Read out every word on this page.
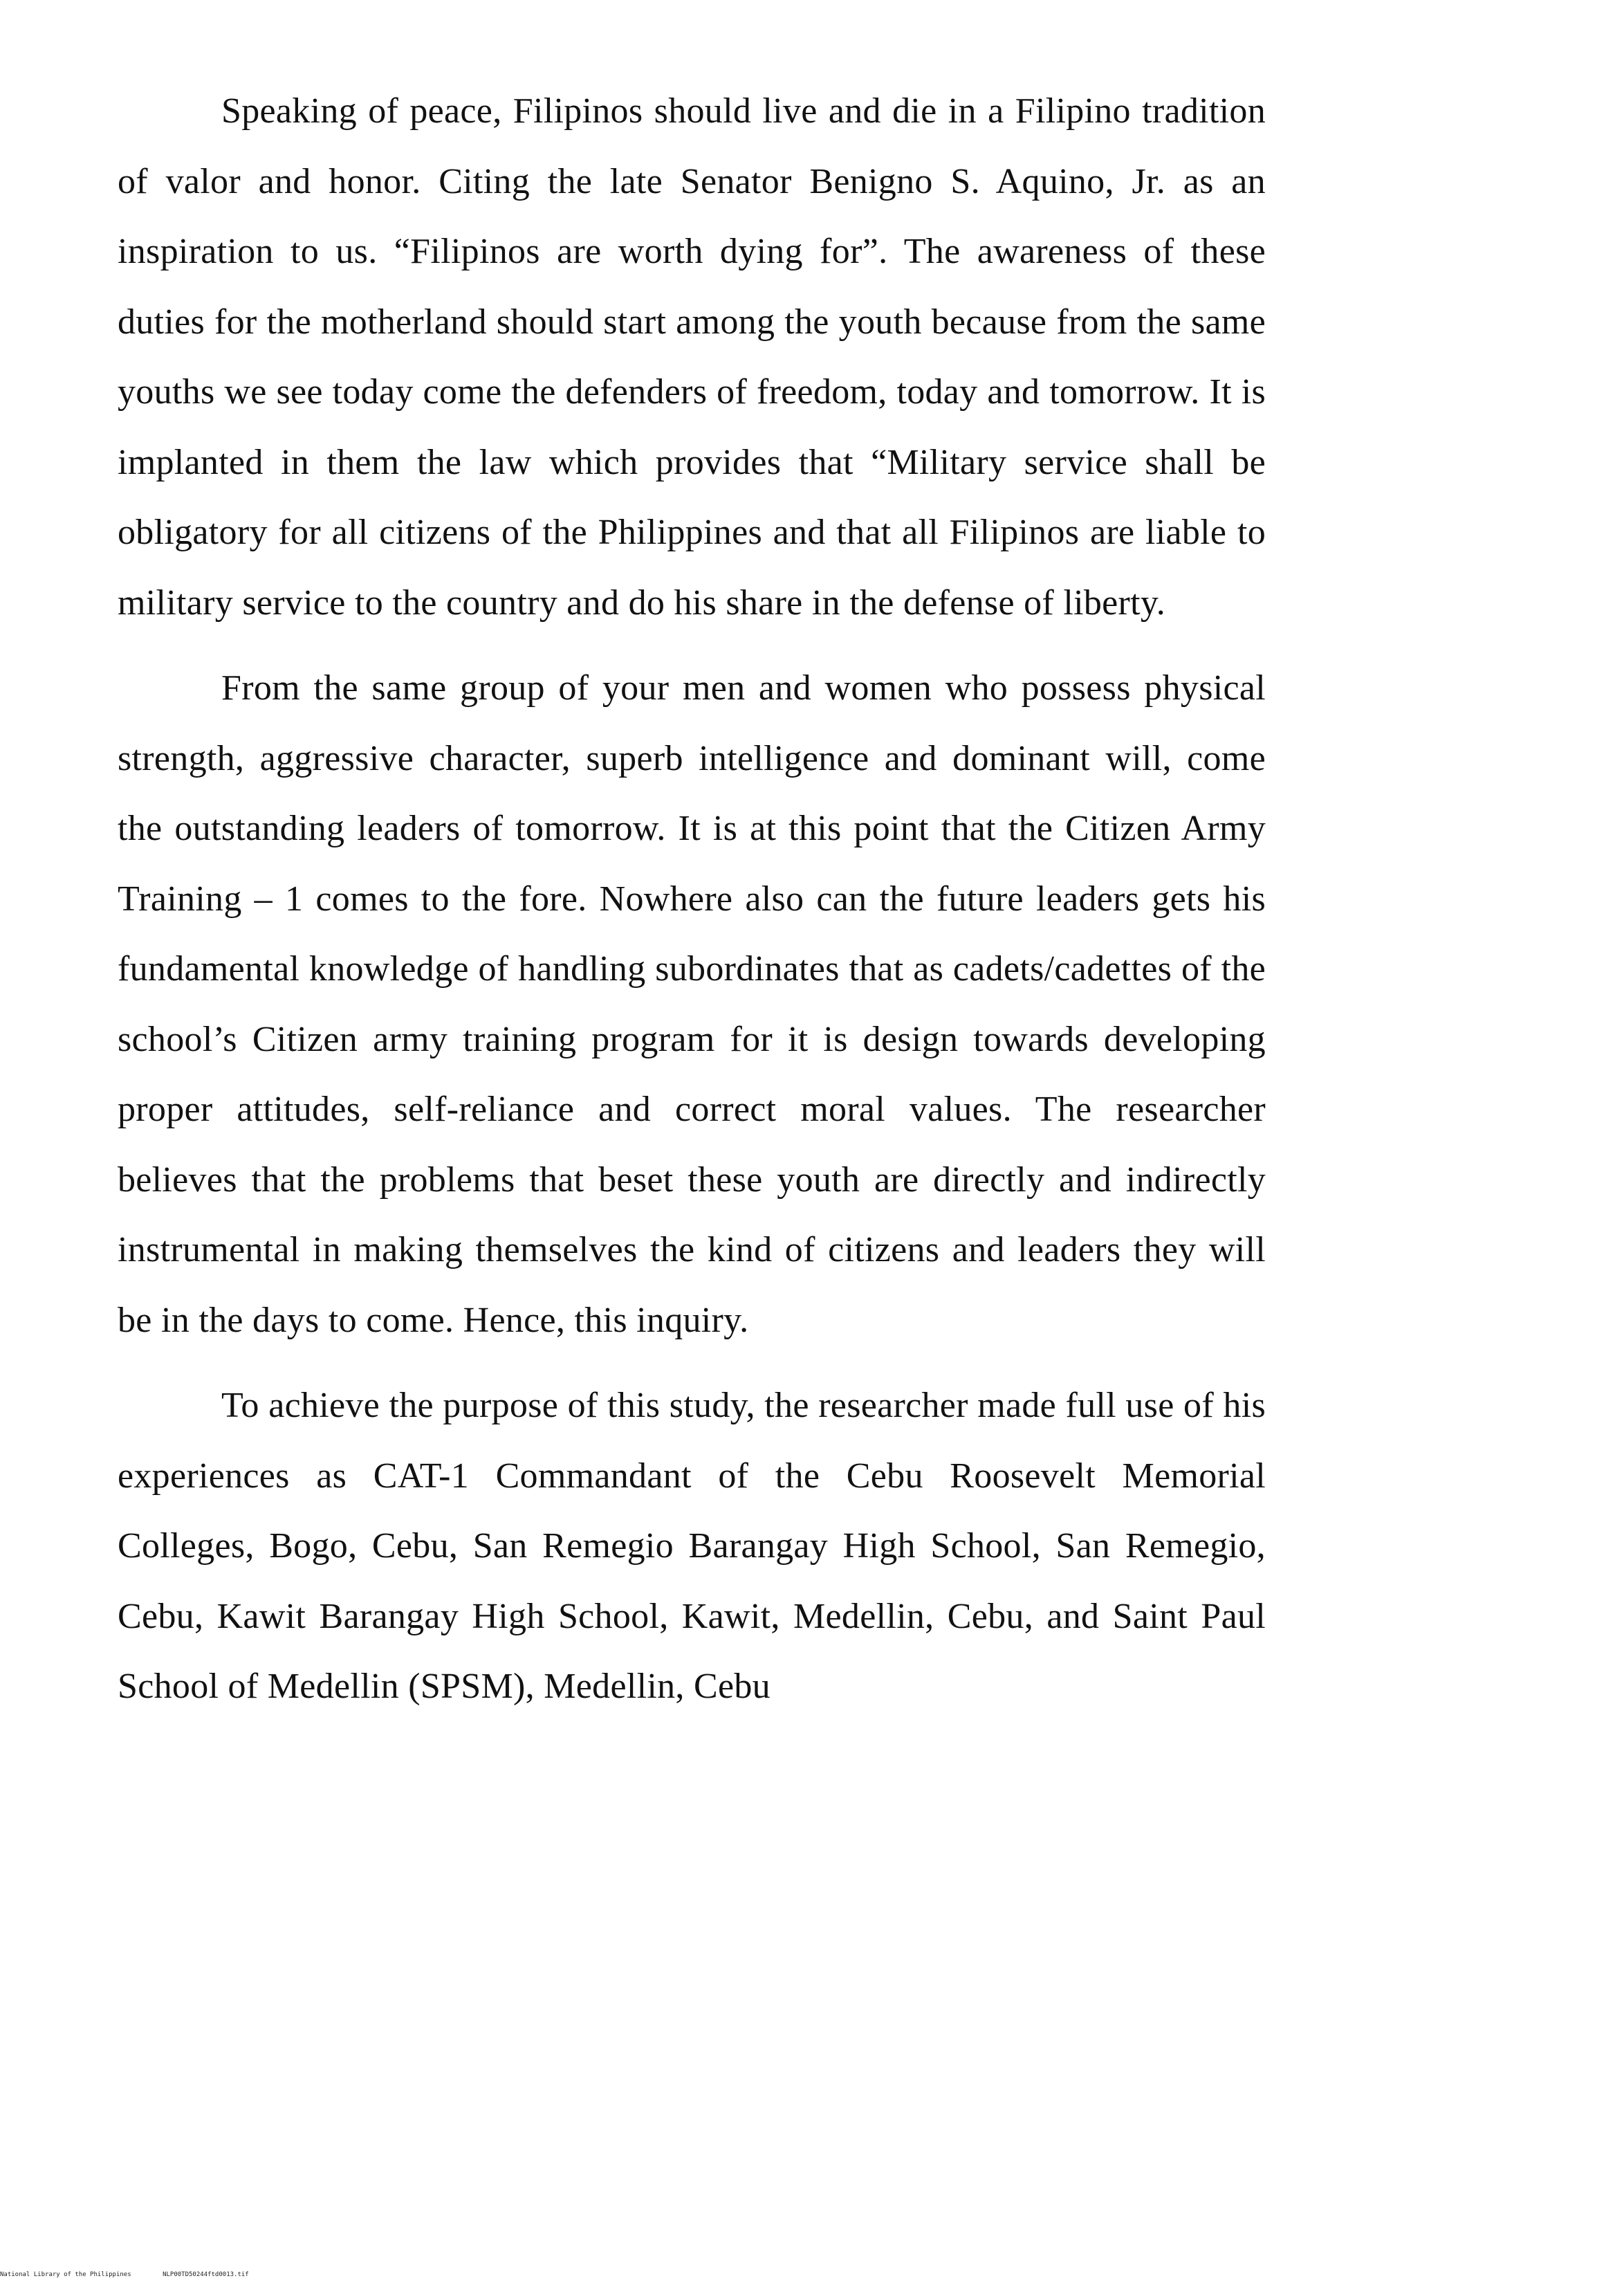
Speaking of peace, Filipinos should live and die in a Filipino tradition of valor and honor. Citing the late Senator Benigno S. Aquino, Jr. as an inspiration to us. “Filipinos are worth dying for”. The awareness of these duties for the motherland should start among the youth because from the same youths we see today come the defenders of freedom, today and tomorrow. It is implanted in them the law which provides that “Military service shall be obligatory for all citizens of the Philippines and that all Filipinos are liable to military service to the country and do his share in the defense of liberty.

From the same group of your men and women who possess physical strength, aggressive character, superb intelligence and dominant will, come the outstanding leaders of tomorrow. It is at this point that the Citizen Army Training – 1 comes to the fore. Nowhere also can the future leaders gets his fundamental knowledge of handling subordinates that as cadets/cadettes of the school’s Citizen army training program for it is design towards developing proper attitudes, self-reliance and correct moral values. The researcher believes that the problems that beset these youth are directly and indirectly instrumental in making themselves the kind of citizens and leaders they will be in the days to come. Hence, this inquiry.

To achieve the purpose of this study, the researcher made full use of his experiences as CAT-1 Commandant of the Cebu Roosevelt Memorial Colleges, Bogo, Cebu, San Remegio Barangay High School, San Remegio, Cebu, Kawit Barangay High School, Kawit, Medellin, Cebu, and Saint Paul School of Medellin (SPSM), Medellin, Cebu

National Library of the Philippines	NLP00TD50244ftd0013.tif
